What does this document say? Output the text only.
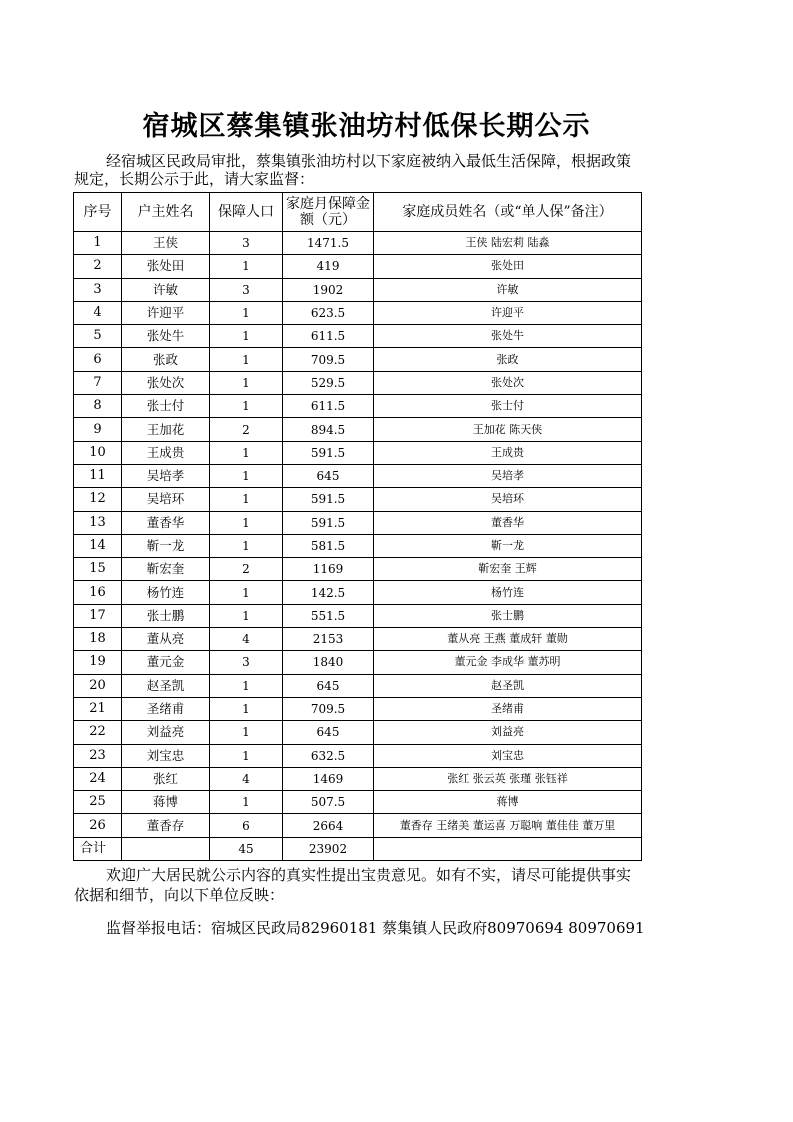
宿城区蔡集镇张油坊村低保长期公示
经宿城区民政局审批，蔡集镇张油坊村以下家庭被纳入最低生活保障，根据政策规定，长期公示于此，请大家监督：
序号	户主姓名	保障人口	家庭月保障金额（元）	家庭成员姓名（或“单人保”备注）
1	王侠	3	1471.5	王侠 陆宏莉 陆淼
2	张处田	1	419	张处田
3	许敏	3	1902	许敏
4	许迎平	1	623.5	许迎平
5	张处牛	1	611.5	张处牛
6	张政	1	709.5	张政
7	张处次	1	529.5	张处次
8	张士付	1	611.5	张士付
9	王加花	2	894.5	王加花 陈天侠
10	王成贵	1	591.5	王成贵
11	吴培孝	1	645	吴培孝
12	吴培环	1	591.5	吴培环
13	董香华	1	591.5	董香华
14	靳一龙	1	581.5	靳一龙
15	靳宏奎	2	1169	靳宏奎 王辉
16	杨竹连	1	142.5	杨竹连
17	张士鹏	1	551.5	张士鹏
18	董从亮	4	2153	董从亮 王燕 董成轩 董勋
19	董元金	3	1840	董元金 李成华 董苏明
20	赵圣凯	1	645	赵圣凯
21	圣绪甫	1	709.5	圣绪甫
22	刘益亮	1	645	刘益亮
23	刘宝忠	1	632.5	刘宝忠
24	张红	4	1469	张红 张云英 张瑾 张钰祥
25	蒋博	1	507.5	蒋博
26	董香存	6	2664	董香存 王绪美 董运喜 万聪响 董佳佳 董万里
合计		45	23902	
欢迎广大居民就公示内容的真实性提出宝贵意见。如有不实，请尽可能提供事实依据和细节，向以下单位反映：
监督举报电话：宿城区民政局82960181 蔡集镇人民政府80970694 80970691
